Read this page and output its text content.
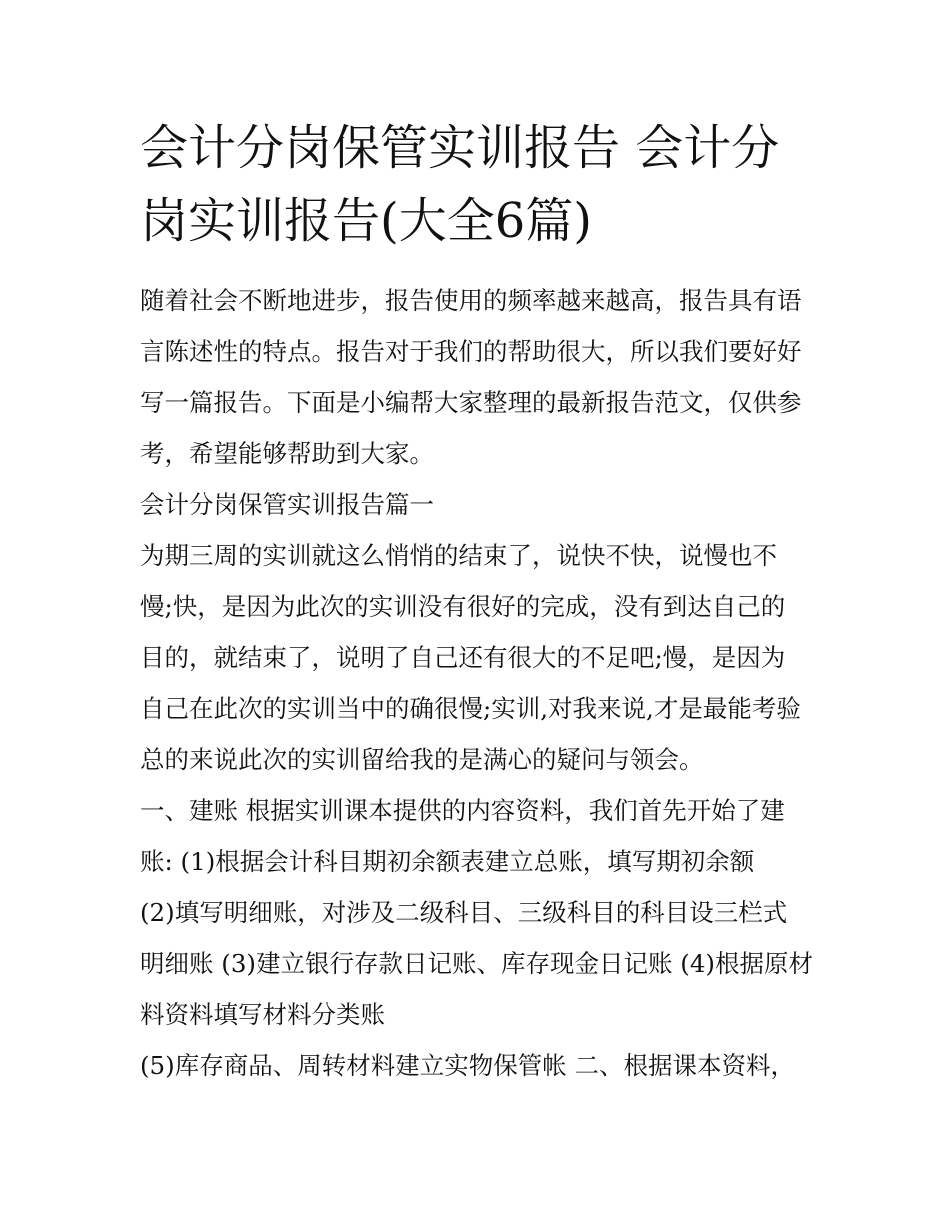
会计分岗保管实训报告 会计分
岗实训报告(大全6篇)
随着社会不断地进步，报告使用的频率越来越高，报告具有语
言陈述性的特点。报告对于我们的帮助很大，所以我们要好好
写一篇报告。下面是小编帮大家整理的最新报告范文，仅供参
考，希望能够帮助到大家。
会计分岗保管实训报告篇一
为期三周的实训就这么悄悄的结束了，说快不快，说慢也不
慢;快，是因为此次的实训没有很好的完成，没有到达自己的
目的，就结束了，说明了自己还有很大的不足吧;慢，是因为
自己在此次的实训当中的确很慢;实训,对我来说,才是最能考验
总的来说此次的实训留给我的是满心的疑问与领会。
一、建账 根据实训课本提供的内容资料，我们首先开始了建
账: (1)根据会计科目期初余额表建立总账，填写期初余额
(2)填写明细账，对涉及二级科目、三级科目的科目设三栏式
明细账 (3)建立银行存款日记账、库存现金日记账 (4)根据原材
料资料填写材料分类账
(5)库存商品、周转材料建立实物保管帐 二、根据课本资料，
